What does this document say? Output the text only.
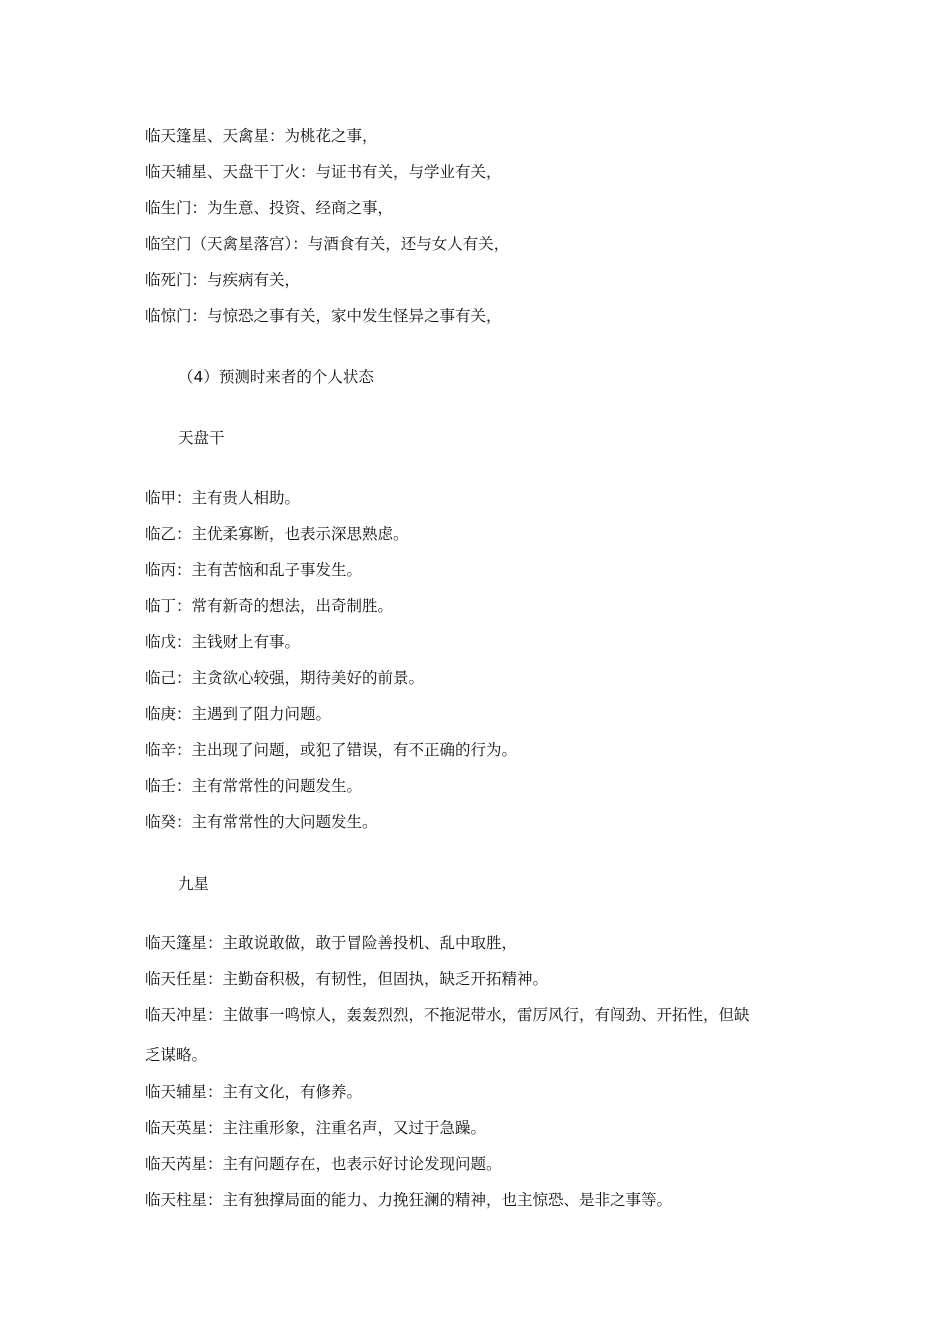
临天篷星、天禽星：为桃花之事，

临天辅星、天盘干丁火：与证书有关，与学业有关，

临生门：为生意、投资、经商之事，

临空门（天禽星落宫）：与酒食有关，还与女人有关，

临死门：与疾病有关，

临惊门：与惊恐之事有关，家中发生怪异之事有关，

（4）预测时来者的个人状态

天盘干

临甲：主有贵人相助。

临乙：主优柔寡断，也表示深思熟虑。

临丙：主有苦恼和乱子事发生。

临丁：常有新奇的想法，出奇制胜。

临戊：主钱财上有事。

临己：主贪欲心较强，期待美好的前景。

临庚：主遇到了阻力问题。

临辛：主出现了问题，或犯了错误，有不正确的行为。

临壬：主有常常性的问题发生。

临癸：主有常常性的大问题发生。

九星

临天篷星：主敢说敢做，敢于冒险善投机、乱中取胜，

临天任星：主勤奋积极，有韧性，但固执，缺乏开拓精神。

临天冲星：主做事一鸣惊人，轰轰烈烈，不拖泥带水，雷厉风行，有闯劲、开拓性，但缺

乏谋略。

临天辅星：主有文化，有修养。

临天英星：主注重形象，注重名声，又过于急躁。

临天芮星：主有问题存在，也表示好讨论发现问题。

临天柱星：主有独撑局面的能力、力挽狂澜的精神，也主惊恐、是非之事等。
